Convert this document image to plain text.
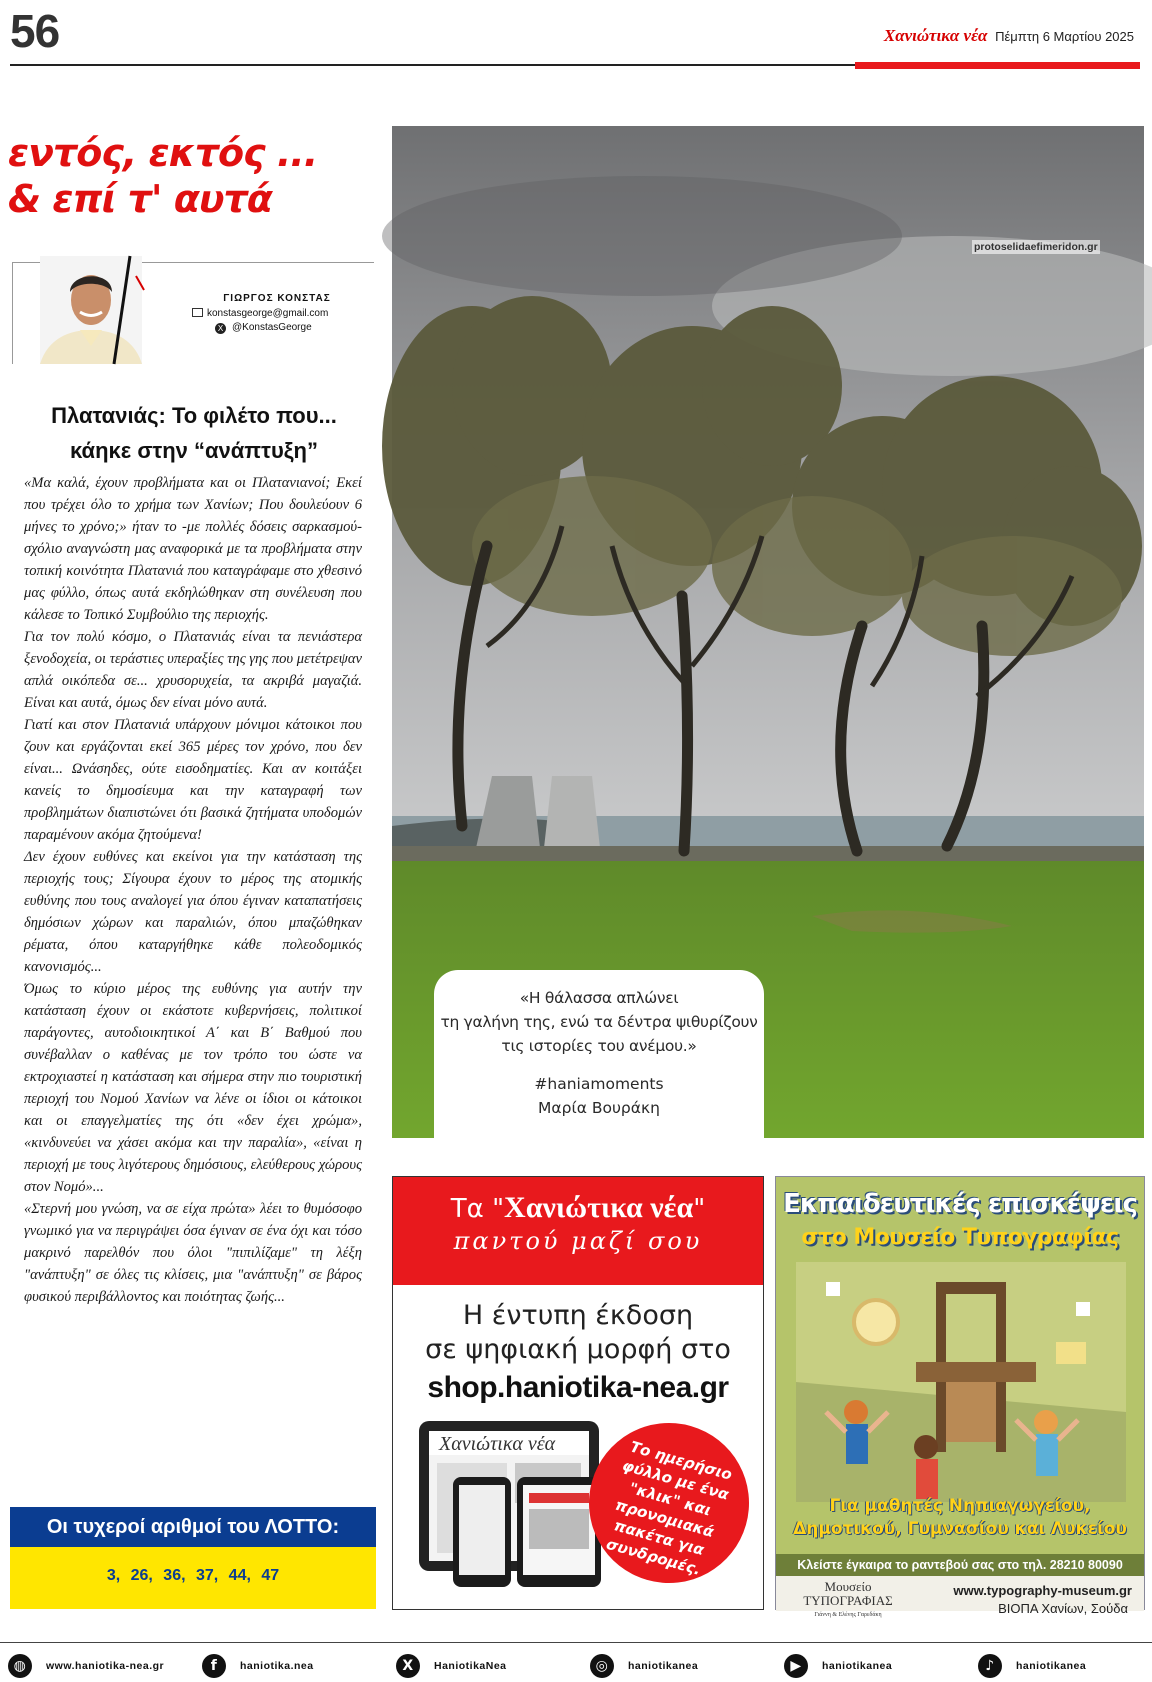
56	Χανιώτικα νέα Πέμπτη 6 Μαρτίου 2025
εντός, εκτός ...
& επί τ' αυτά
ΓΙΩΡΓΟΣ ΚΟΝΣΤΑΣ
konstasgeorge@gmail.com
X @KonstasGeorge
Πλατανιάς: Το φιλέτο που...
κάηκε στην “ανάπτυξη”

«Μα καλά, έχουν προβλήματα και οι Πλατανιανοί; Εκεί που τρέχει όλο το χρήμα των Χανίων; Που δουλεύουν 6 μήνες το χρόνο;» ήταν το -με πολλές δόσεις σαρκασμού- σχόλιο αναγνώστη μας αναφορικά με τα προβλήματα στην τοπική κοινότητα Πλατανιά που καταγράφαμε στο χθεσινό μας φύλλο, όπως αυτά εκδηλώθηκαν στη συνέλευση που κάλεσε το Τοπικό Συμβούλιο της περιοχής.

Για τον πολύ κόσμο, ο Πλατανιάς είναι τα πενιάστερα ξενοδοχεία, οι τεράστιες υπεραξίες της γης που μετέτρεψαν απλά οικόπεδα σε... χρυσορυχεία, τα ακριβά μαγαζιά. Είναι και αυτά, όμως δεν είναι μόνο αυτά.

Γιατί και στον Πλατανιά υπάρχουν μόνιμοι κάτοικοι που ζουν και εργάζονται εκεί 365 μέρες τον χρόνο, που δεν είναι... Ωνάσηδες, ούτε εισοδηματίες. Και αν κοιτάξει κανείς το δημοσίευμα και την καταγραφή των προβλημάτων διαπιστώνει ότι βασικά ζητήματα υποδομών παραμένουν ακόμα ζητούμενα!

Δεν έχουν ευθύνες και εκείνοι για την κατάσταση της περιοχής τους; Σίγουρα έχουν το μέρος της ατομικής ευθύνης που τους αναλογεί για όπου έγιναν καταπατήσεις δημόσιων χώρων και παραλιών, όπου μπαζώθηκαν ρέματα, όπου καταργήθηκε κάθε πολεοδομικός κανονισμός...

Όμως το κύριο μέρος της ευθύνης για αυτήν την κατάσταση έχουν οι εκάστοτε κυβερνήσεις, πολιτικοί παράγοντες, αυτοδιοικητικοί Α΄ και Β΄ Βαθμού που συνέβαλλαν ο καθένας με τον τρόπο του ώστε να εκτροχιαστεί η κατάσταση και σήμερα στην πιο τουριστική περιοχή του Νομού Χανίων να λένε οι ίδιοι οι κάτοικοι και οι επαγγελματίες της ότι «δεν έχει χρώμα», «κινδυνεύει να χάσει ακόμα και την παραλία», «είναι η περιοχή με τους λιγότερους δημόσιους, ελεύθερους χώρους στον Νομό»...

«Στερνή μου γνώση, να σε είχα πρώτα» λέει το θυμόσοφο γνωμικό για να περιγράψει όσα έγιναν σε ένα όχι και τόσο μακρινό παρελθόν που όλοι "πιπιλίζαμε" τη λέξη "ανάπτυξη" σε όλες τις κλίσεις, μια "ανάπτυξη" σε βάρος φυσικού περιβάλλοντος και ποιότητας ζωής...

Οι τυχεροί αριθμοί του ΛΟΤΤΟ:
3, 26, 36, 37, 44, 47
protoselidaefimeridon.gr
«Η θάλασσα απλώνει
τη γαλήνη της, ενώ τα δέντρα ψιθυρίζουν
τις ιστορίες του ανέμου.»
#haniamoments
Μαρία Βουράκη
Τα "Χανιώτικα νέα"
παντού μαζί σου
Η έντυπη έκδοση
σε ψηφιακή μορφή στο
shop.haniotika-nea.gr
Χανιώτικα νέα	Το ημερήσιο φύλλο με ένα "κλικ" και προνομιακά πακέτα για συνδρομές.
Εκπαιδευτικές επισκέψεις
στο Μουσείο Τυπογραφίας
Για μαθητές Νηπιαγωγείου,
Δημοτικού, Γυμνασίου και Λυκείου
Κλείστε έγκαιρα το ραντεβού σας στο τηλ. 28210 80090
Μουσείο
ΤΥΠΟΓΡΑΦΙΑΣ
Γιάννη & Ελένης Γαρεδάκη
www.typography-museum.gr
ΒΙΟΠΑ Χανίων, Σούδα
◍	www.haniotika-nea.gr	f	haniotika.nea	X	HaniotikaNea	◎	haniotikanea	▶	haniotikanea	♪	haniotikanea
